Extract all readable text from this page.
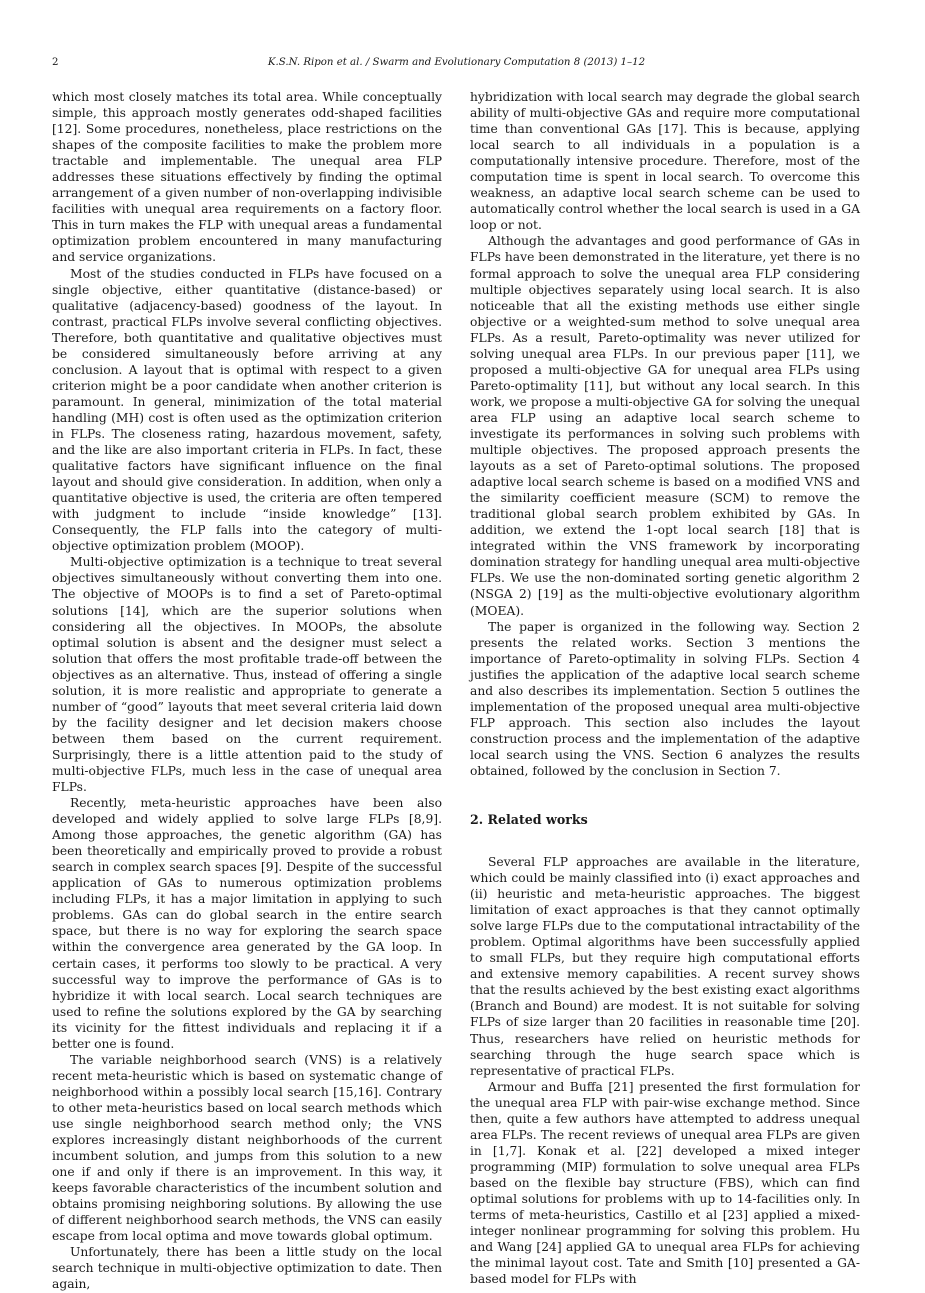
2	K.S.N. Ripon et al. / Swarm and Evolutionary Computation 8 (2013) 1–12

which most closely matches its total area. While conceptually simple, this approach mostly generates odd-shaped facilities [12]. Some procedures, nonetheless, place restrictions on the shapes of the composite facilities to make the problem more tractable and implementable. The unequal area FLP addresses these situations effectively by finding the optimal arrangement of a given number of non-overlapping indivisible facilities with unequal area requirements on a factory floor. This in turn makes the FLP with unequal areas a fundamental optimization problem encountered in many manufacturing and service organizations.

Most of the studies conducted in FLPs have focused on a single objective, either quantitative (distance-based) or qualitative (adjacency-based) goodness of the layout. In contrast, practical FLPs involve several conflicting objectives. Therefore, both quantitative and qualitative objectives must be considered simultaneously before arriving at any conclusion. A layout that is optimal with respect to a given criterion might be a poor candidate when another criterion is paramount. In general, minimization of the total material handling (MH) cost is often used as the optimization criterion in FLPs. The closeness rating, hazardous movement, safety, and the like are also important criteria in FLPs. In fact, these qualitative factors have significant influence on the final layout and should give consideration. In addition, when only a quantitative objective is used, the criteria are often tempered with judgment to include “inside knowledge” [13]. Consequently, the FLP falls into the category of multi-objective optimization problem (MOOP).

Multi-objective optimization is a technique to treat several objectives simultaneously without converting them into one. The objective of MOOPs is to find a set of Pareto-optimal solutions [14], which are the superior solutions when considering all the objectives. In MOOPs, the absolute optimal solution is absent and the designer must select a solution that offers the most profitable trade-off between the objectives as an alternative. Thus, instead of offering a single solution, it is more realistic and appropriate to generate a number of “good” layouts that meet several criteria laid down by the facility designer and let decision makers choose between them based on the current requirement. Surprisingly, there is a little attention paid to the study of multi-objective FLPs, much less in the case of unequal area FLPs.

Recently, meta-heuristic approaches have been also developed and widely applied to solve large FLPs [8,9]. Among those approaches, the genetic algorithm (GA) has been theoretically and empirically proved to provide a robust search in complex search spaces [9]. Despite of the successful application of GAs to numerous optimization problems including FLPs, it has a major limitation in applying to such problems. GAs can do global search in the entire search space, but there is no way for exploring the search space within the convergence area generated by the GA loop. In certain cases, it performs too slowly to be practical. A very successful way to improve the performance of GAs is to hybridize it with local search. Local search techniques are used to refine the solutions explored by the GA by searching its vicinity for the fittest individuals and replacing it if a better one is found.

The variable neighborhood search (VNS) is a relatively recent meta-heuristic which is based on systematic change of neighborhood within a possibly local search [15,16]. Contrary to other meta-heuristics based on local search methods which use single neighborhood search method only; the VNS explores increasingly distant neighborhoods of the current incumbent solution, and jumps from this solution to a new one if and only if there is an improvement. In this way, it keeps favorable characteristics of the incumbent solution and obtains promising neighboring solutions. By allowing the use of different neighborhood search methods, the VNS can easily escape from local optima and move towards global optimum.

Unfortunately, there has been a little study on the local search technique in multi-objective optimization to date. Then again,

hybridization with local search may degrade the global search ability of multi-objective GAs and require more computational time than conventional GAs [17]. This is because, applying local search to all individuals in a population is a computationally intensive procedure. Therefore, most of the computation time is spent in local search. To overcome this weakness, an adaptive local search scheme can be used to automatically control whether the local search is used in a GA loop or not.

Although the advantages and good performance of GAs in FLPs have been demonstrated in the literature, yet there is no formal approach to solve the unequal area FLP considering multiple objectives separately using local search. It is also noticeable that all the existing methods use either single objective or a weighted-sum method to solve unequal area FLPs. As a result, Pareto-optimality was never utilized for solving unequal area FLPs. In our previous paper [11], we proposed a multi-objective GA for unequal area FLPs using Pareto-optimality [11], but without any local search. In this work, we propose a multi-objective GA for solving the unequal area FLP using an adaptive local search scheme to investigate its performances in solving such problems with multiple objectives. The proposed approach presents the layouts as a set of Pareto-optimal solutions. The proposed adaptive local search scheme is based on a modified VNS and the similarity coefficient measure (SCM) to remove the traditional global search problem exhibited by GAs. In addition, we extend the 1-opt local search [18] that is integrated within the VNS framework by incorporating domination strategy for handling unequal area multi-objective FLPs. We use the non-dominated sorting genetic algorithm 2 (NSGA 2) [19] as the multi-objective evolutionary algorithm (MOEA).

The paper is organized in the following way. Section 2 presents the related works. Section 3 mentions the importance of Pareto-optimality in solving FLPs. Section 4 justifies the application of the adaptive local search scheme and also describes its implementation. Section 5 outlines the implementation of the proposed unequal area multi-objective FLP approach. This section also includes the layout construction process and the implementation of the adaptive local search using the VNS. Section 6 analyzes the results obtained, followed by the conclusion in Section 7.

2. Related works

Several FLP approaches are available in the literature, which could be mainly classified into (i) exact approaches and (ii) heuristic and meta-heuristic approaches. The biggest limitation of exact approaches is that they cannot optimally solve large FLPs due to the computational intractability of the problem. Optimal algorithms have been successfully applied to small FLPs, but they require high computational efforts and extensive memory capabilities. A recent survey shows that the results achieved by the best existing exact algorithms (Branch and Bound) are modest. It is not suitable for solving FLPs of size larger than 20 facilities in reasonable time [20]. Thus, researchers have relied on heuristic methods for searching through the huge search space which is representative of practical FLPs.

Armour and Buffa [21] presented the first formulation for the unequal area FLP with pair-wise exchange method. Since then, quite a few authors have attempted to address unequal area FLPs. The recent reviews of unequal area FLPs are given in [1,7]. Konak et al. [22] developed a mixed integer programming (MIP) formulation to solve unequal area FLPs based on the flexible bay structure (FBS), which can find optimal solutions for problems with up to 14-facilities only. In terms of meta-heuristics, Castillo et al [23] applied a mixed-integer nonlinear programming for solving this problem. Hu and Wang [24] applied GA to unequal area FLPs for achieving the minimal layout cost. Tate and Smith [10] presented a GA-based model for FLPs with
